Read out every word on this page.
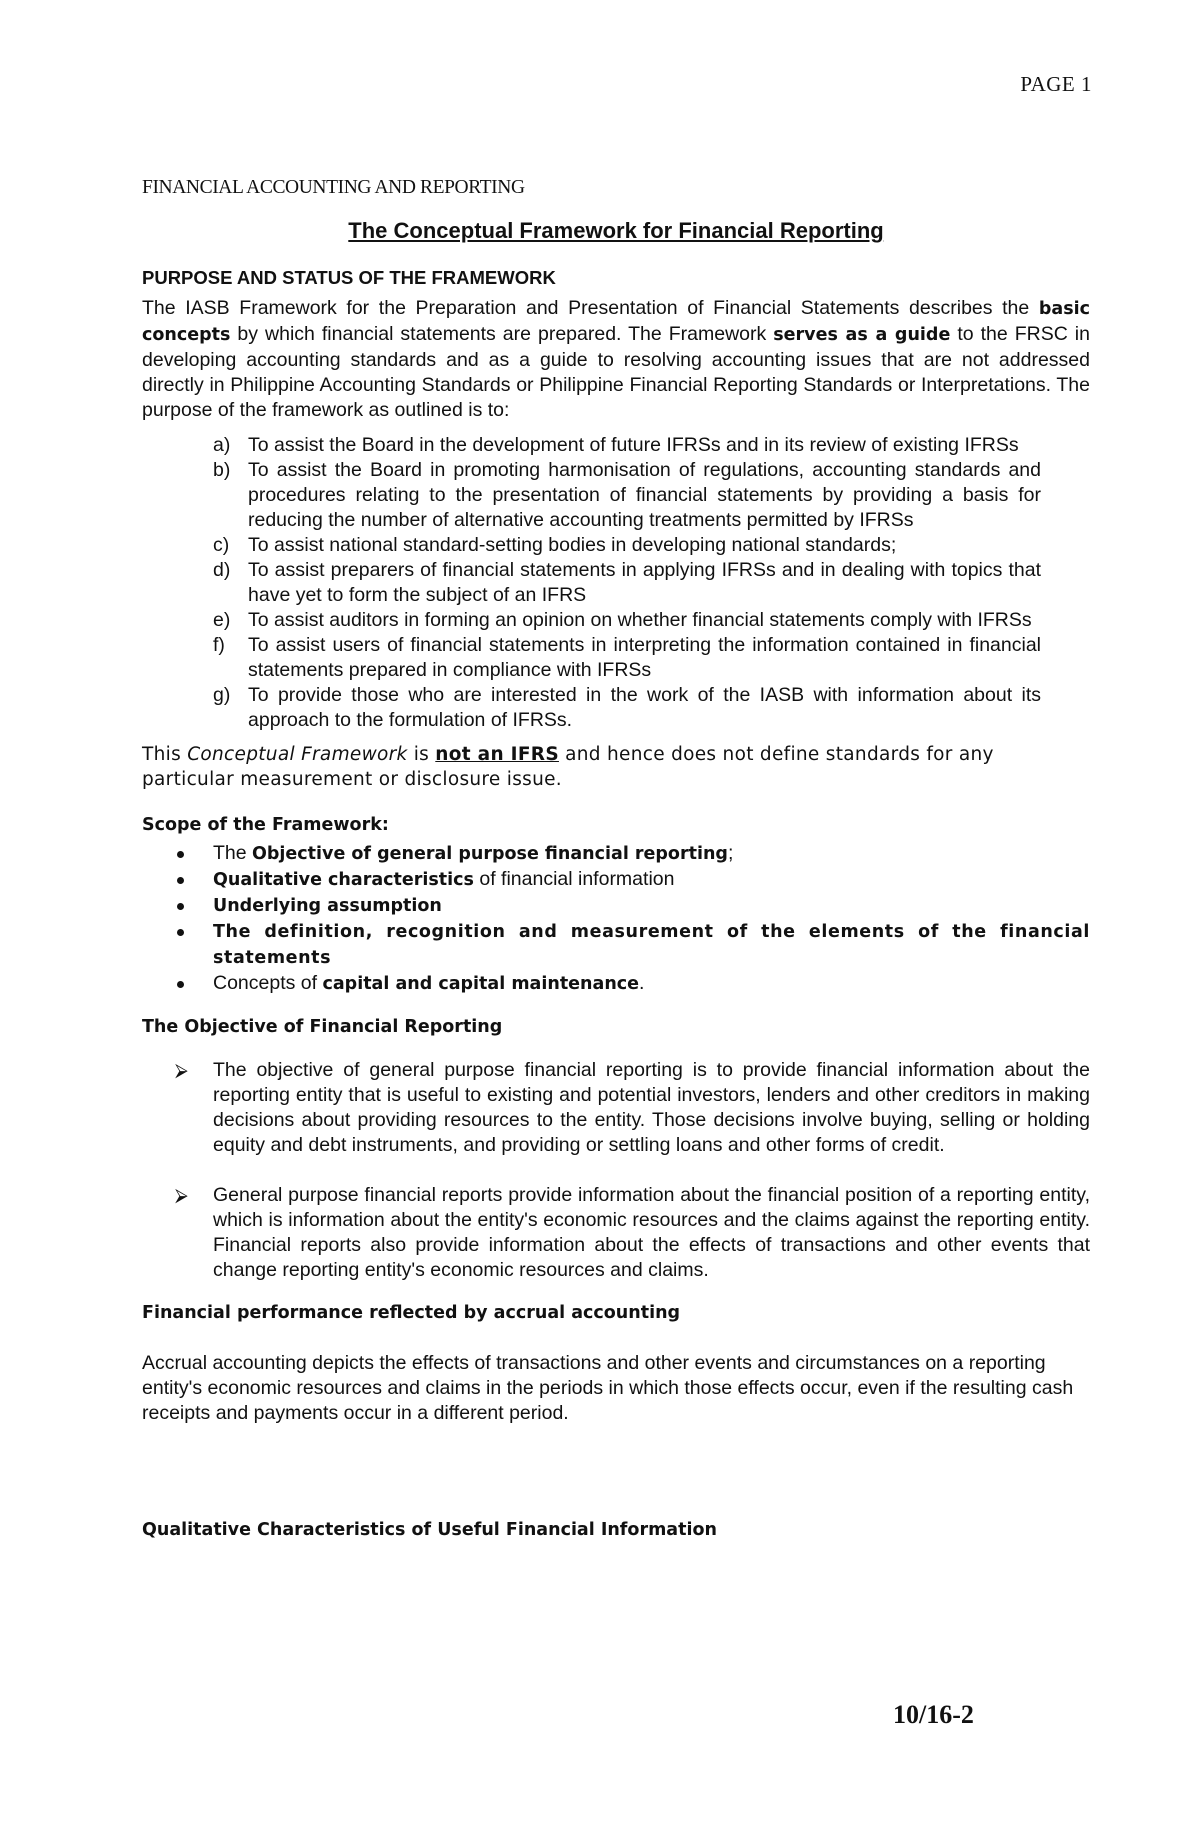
PAGE 1
FINANCIAL ACCOUNTING AND REPORTING
The Conceptual Framework for Financial Reporting
PURPOSE AND STATUS OF THE FRAMEWORK

The IASB Framework for the Preparation and Presentation of Financial Statements describes the basic concepts by which financial statements are prepared. The Framework serves as a guide to the FRSC in developing accounting standards and as a guide to resolving accounting issues that are not addressed directly in Philippine Accounting Standards or Philippine Financial Reporting Standards or Interpretations. The purpose of the framework as outlined is to:

a) To assist the Board in the development of future IFRSs and in its review of existing IFRSs
b) To assist the Board in promoting harmonisation of regulations, accounting standards and procedures relating to the presentation of financial statements by providing a basis for reducing the number of alternative accounting treatments permitted by IFRSs
c) To assist national standard-setting bodies in developing national standards;
d) To assist preparers of financial statements in applying IFRSs and in dealing with topics that have yet to form the subject of an IFRS
e) To assist auditors in forming an opinion on whether financial statements comply with IFRSs
f) To assist users of financial statements in interpreting the information contained in financial statements prepared in compliance with IFRSs
g) To provide those who are interested in the work of the IASB with information about its approach to the formulation of IFRSs.
This Conceptual Framework is not an IFRS and hence does not define standards for any particular measurement or disclosure issue.
Scope of the Framework:
The Objective of general purpose financial reporting;
Qualitative characteristics of financial information
Underlying assumption
The definition, recognition and measurement of the elements of the financial statements
Concepts of capital and capital maintenance.
The Objective of Financial Reporting
⮚ The objective of general purpose financial reporting is to provide financial information about the reporting entity that is useful to existing and potential investors, lenders and other creditors in making decisions about providing resources to the entity. Those decisions involve buying, selling or holding equity and debt instruments, and providing or settling loans and other forms of credit.
⮚ General purpose financial reports provide information about the financial position of a reporting entity, which is information about the entity's economic resources and the claims against the reporting entity. Financial reports also provide information about the effects of transactions and other events that change reporting entity's economic resources and claims.
Financial performance reflected by accrual accounting

Accrual accounting depicts the effects of transactions and other events and circumstances on a reporting entity's economic resources and claims in the periods in which those effects occur, even if the resulting cash receipts and payments occur in a different period.

Qualitative Characteristics of Useful Financial Information
10/16-2
